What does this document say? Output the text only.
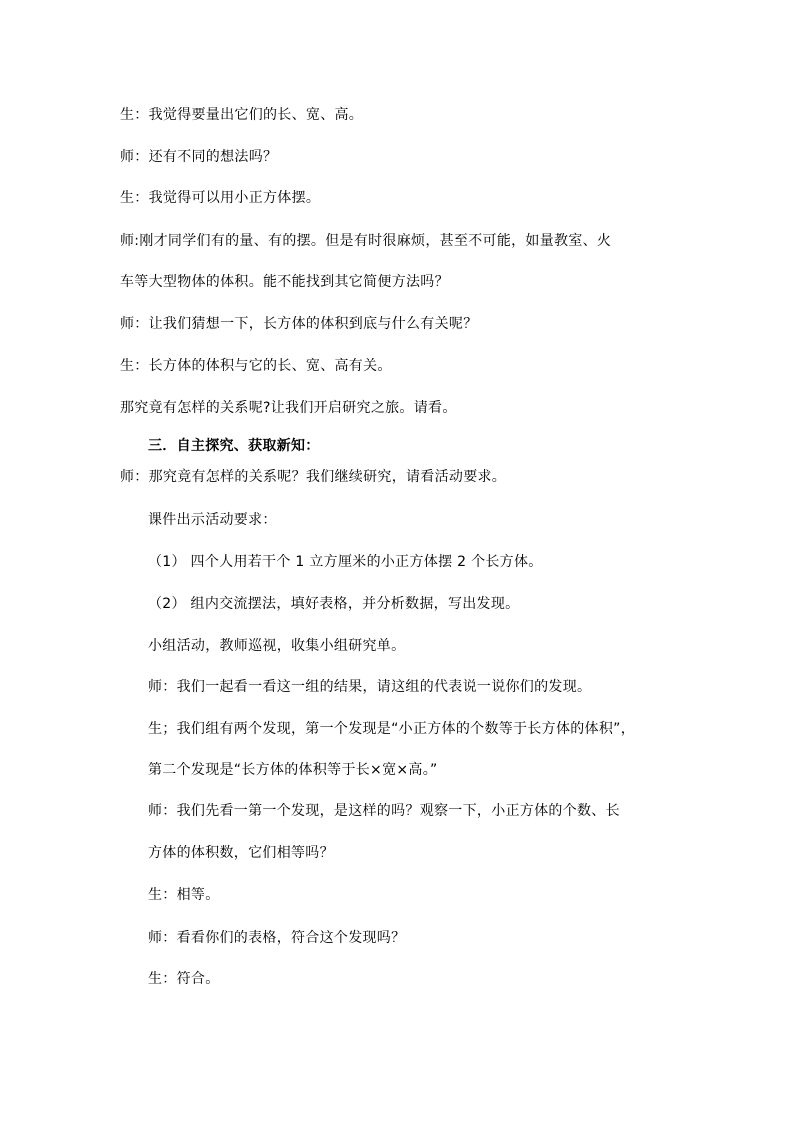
生：我觉得要量出它们的长、宽、高。
师：还有不同的想法吗？
生：我觉得可以用小正方体摆。
师:刚才同学们有的量、有的摆。但是有时很麻烦，甚至不可能，如量教室、火
车等大型物体的体积。能不能找到其它简便方法吗？
师：让我们猜想一下，长方体的体积到底与什么有关呢？
生：长方体的体积与它的长、宽、高有关。
那究竟有怎样的关系呢?让我们开启研究之旅。请看。
三．自主探究、获取新知：
师：那究竟有怎样的关系呢？我们继续研究，请看活动要求。
课件出示活动要求：
（1） 四个人用若干个 1 立方厘米的小正方体摆 2 个长方体。
（2） 组内交流摆法，填好表格，并分析数据，写出发现。
小组活动，教师巡视，收集小组研究单。
师：我们一起看一看这一组的结果，请这组的代表说一说你们的发现。
生；我们组有两个发现，第一个发现是“小正方体的个数等于长方体的体积”，
第二个发现是“长方体的体积等于长×宽×高。”
师：我们先看一第一个发现，是这样的吗？观察一下，小正方体的个数、长
方体的体积数，它们相等吗？
生：相等。
师：看看你们的表格，符合这个发现吗？
生：符合。
